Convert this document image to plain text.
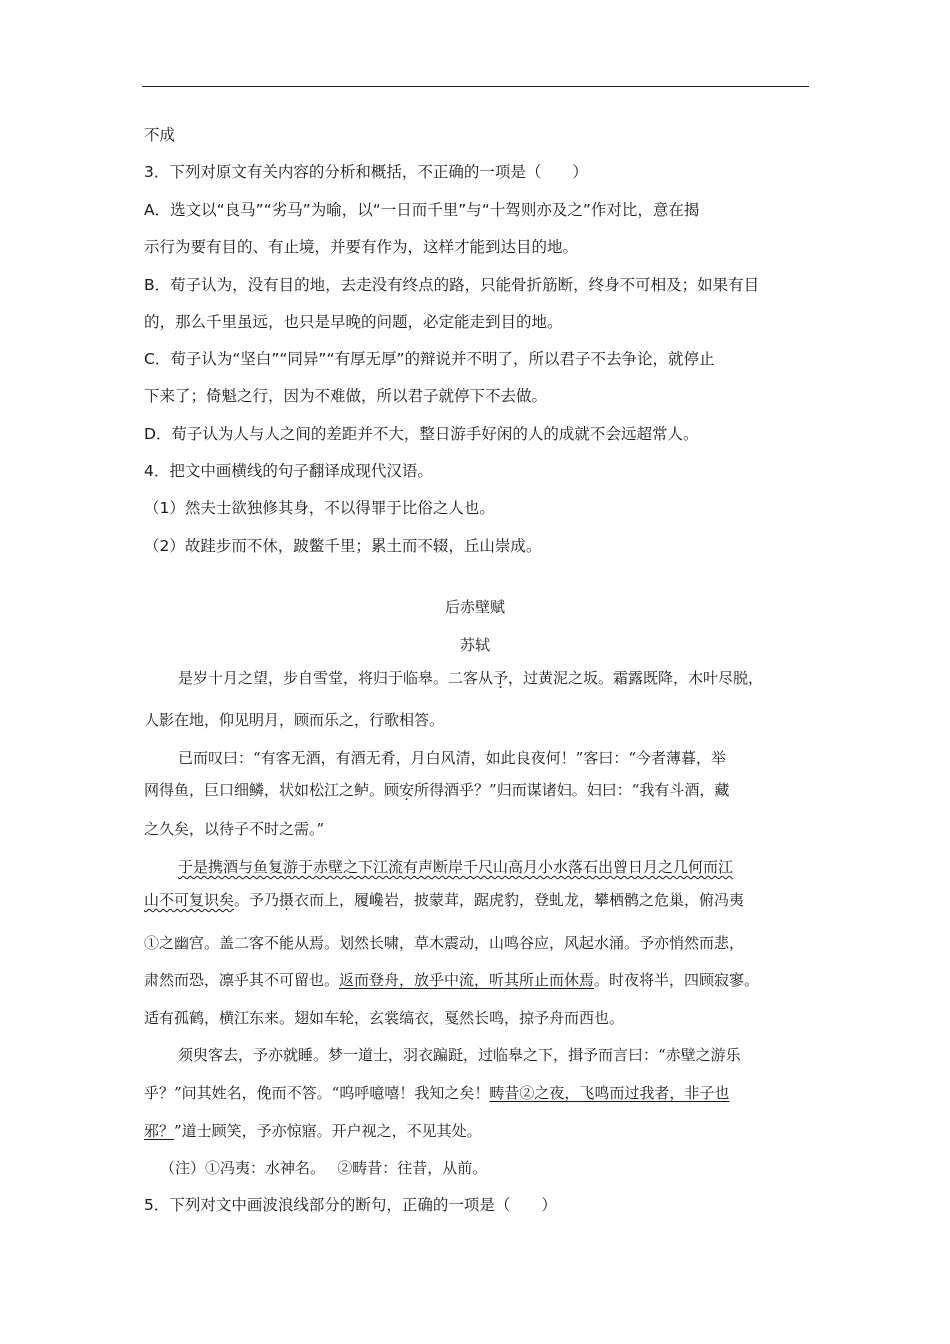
不成
3．下列对原文有关内容的分析和概括，不正确的一项是（　　）
A．选文以“良马”“劣马”为喻，以“一日而千里”与“十驾则亦及之”作对比，意在揭
示行为要有目的、有止境，并要有作为，这样才能到达目的地。
B．荀子认为，没有目的地，去走没有终点的路，只能骨折筋断，终身不可相及；如果有目
的，那么千里虽远，也只是早晚的问题，必定能走到目的地。
C．荀子认为“坚白”“同异”“有厚无厚”的辩说并不明了，所以君子不去争论，就停止
下来了；倚魁之行，因为不难做，所以君子就停下不去做。
D．荀子认为人与人之间的差距并不大，整日游手好闲的人的成就不会远超常人。
4．把文中画横线的句子翻译成现代汉语。
（1）然夫士欲独修其身，不以得罪于比俗之人也。
（2）故跬步而不休，跛鳖千里；累土而不辍，丘山崇成。
后赤壁赋
苏轼
是岁十月之望，步自雪堂，将归于临皋。二客从予，过黄泥之坂。霜露既降，木叶尽脱，
人影在地，仰见明月，顾而乐之，行歌相答。
已而叹曰：“有客无酒，有酒无肴，月白风清，如此良夜何！”客曰：“今者薄暮，举
网得鱼，巨口细鳞，状如松江之鲈。顾安所得酒乎？”归而谋诸妇。妇曰：“我有斗酒，藏
之久矣，以待子不时之需。”
于是携酒与鱼复游于赤壁之下江流有声断岸千尺山高月小水落石出曾日月之几何而江
山不可复识矣。予乃摄衣而上，履巉岩，披蒙茸，踞虎豹，登虬龙，攀栖鹘之危巢，俯冯夷
①之幽宫。盖二客不能从焉。划然长啸，草木震动，山鸣谷应，风起水涌。予亦悄然而悲，
肃然而恐，凛乎其不可留也。返而登舟，放乎中流，听其所止而休焉。时夜将半，四顾寂寥。
适有孤鹤，横江东来。翅如车轮，玄裳缟衣，戛然长鸣，掠予舟而西也。
须臾客去，予亦就睡。梦一道士，羽衣蹁跹，过临皋之下，揖予而言曰：“赤壁之游乐
乎？”问其姓名，俛而不答。“呜呼噫嘻！我知之矣！畴昔②之夜，飞鸣而过我者，非子也
邪？”道士顾笑，予亦惊寤。开户视之，不见其处。
（注）①冯夷：水神名。　 ②畴昔：往昔，从前。
5．下列对文中画波浪线部分的断句，正确的一项是（　　）
